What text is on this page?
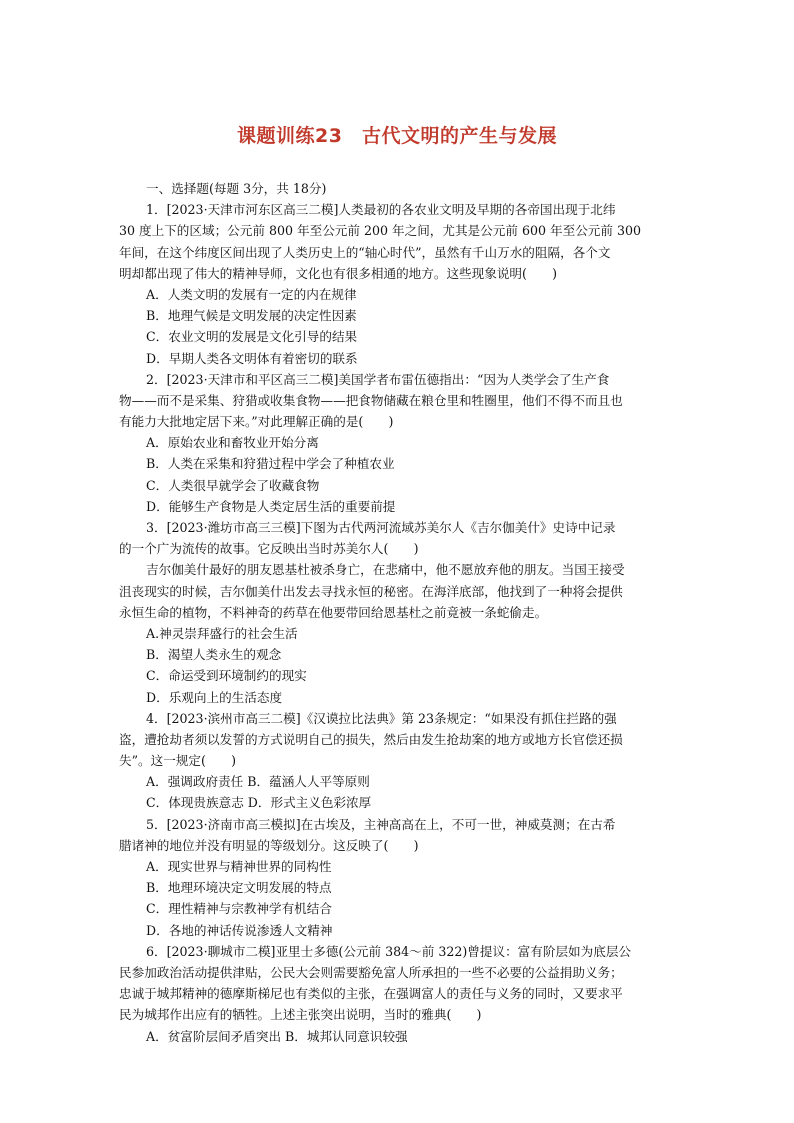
课题训练23　古代文明的产生与发展
一、选择题(每题 3分，共 18分)
1．[2023·天津市河东区高三二模]人类最初的各农业文明及早期的各帝国出现于北纬
30 度上下的区域；公元前 800 年至公元前 200 年之间，尤其是公元前 600 年至公元前 300
年间，在这个纬度区间出现了人类历史上的“轴心时代”，虽然有千山万水的阻隔，各个文
明却都出现了伟大的精神导师，文化也有很多相通的地方。这些现象说明(　　)
A．人类文明的发展有一定的内在规律
B．地理气候是文明发展的决定性因素
C．农业文明的发展是文化引导的结果
D．早期人类各文明体有着密切的联系
2．[2023·天津市和平区高三二模]美国学者布雷伍德指出：“因为人类学会了生产食
物——而不是采集、狩猎或收集食物——把食物储藏在粮仓里和牲圈里，他们不得不而且也
有能力大批地定居下来。”对此理解正确的是(　　)
A．原始农业和畜牧业开始分离
B．人类在采集和狩猎过程中学会了种植农业
C．人类很早就学会了收藏食物
D．能够生产食物是人类定居生活的重要前提
3．[2023·潍坊市高三三模]下图为古代两河流域苏美尔人《吉尔伽美什》史诗中记录
的一个广为流传的故事。它反映出当时苏美尔人(　　)
吉尔伽美什最好的朋友恩基杜被杀身亡，在悲痛中，他不愿放弃他的朋友。当国王接受
沮丧现实的时候，吉尔伽美什出发去寻找永恒的秘密。在海洋底部，他找到了一种将会提供
永恒生命的植物，不料神奇的药草在他要带回给恩基杜之前竟被一条蛇偷走。
A.神灵崇拜盛行的社会生活
B．渴望人类永生的观念
C．命运受到环境制约的现实
D．乐观向上的生活态度
4．[2023·滨州市高三二模]《汉谟拉比法典》第 23条规定：“如果没有抓住拦路的强
盗，遭抢劫者须以发誓的方式说明自己的损失，然后由发生抢劫案的地方或地方长官偿还损
失”。这一规定(　　)
A．强调政府责任 B．蕴涵人人平等原则
C．体现贵族意志 D．形式主义色彩浓厚
5．[2023·济南市高三模拟]在古埃及，主神高高在上，不可一世，神威莫测；在古希
腊诸神的地位并没有明显的等级划分。这反映了(　　)
A．现实世界与精神世界的同构性
B．地理环境决定文明发展的特点
C．理性精神与宗教神学有机结合
D．各地的神话传说渗透人文精神
6．[2023·聊城市二模]亚里士多德(公元前 384～前 322)曾提议：富有阶层如为底层公
民参加政治活动提供津贴，公民大会则需要豁免富人所承担的一些不必要的公益捐助义务；
忠诚于城邦精神的德摩斯梯尼也有类似的主张，在强调富人的责任与义务的同时，又要求平
民为城邦作出应有的牺牲。上述主张突出说明，当时的雅典(　　)
A．贫富阶层间矛盾突出 B．城邦认同意识较强
